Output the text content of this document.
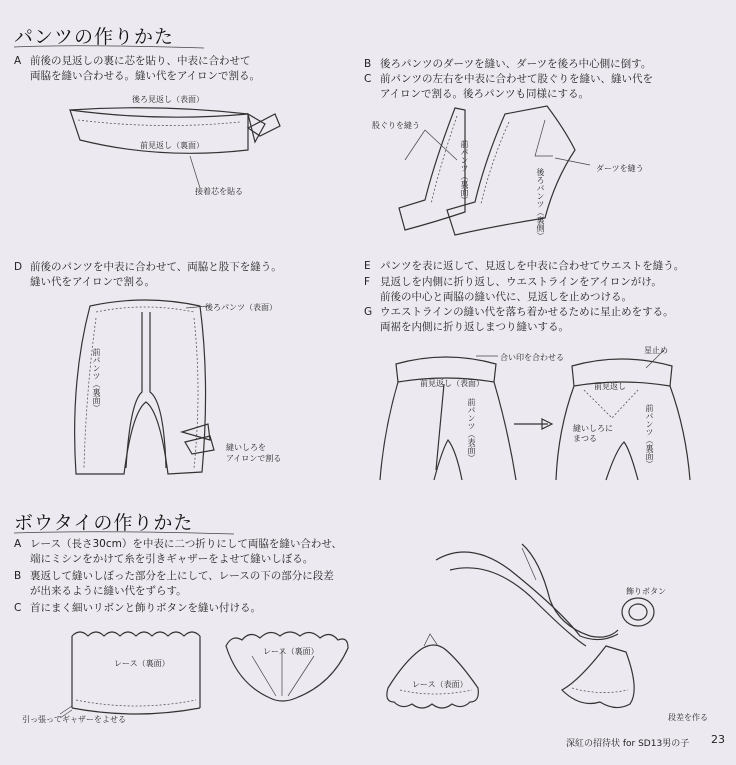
パンツの作りかた
A 前後の見返しの裏に芯を貼り、中表に合わせて
両脇を縫い合わせる。縫い代をアイロンで割る。
B 後ろパンツのダーツを縫い、ダーツを後ろ中心側に倒す。
C 前パンツの左右を中表に合わせて股ぐりを縫い、縫い代を
アイロンで割る。後ろパンツも同様にする。
後ろ見返し（表面）
前見返し（裏面）
接着芯を貼る
股ぐりを縫う
前パンツ（裏面）	後ろパンツ（裏側）	ダーツを縫う
D 前後のパンツを中表に合わせて、両脇と股下を縫う。
縫い代をアイロンで割る。
E パンツを表に返して、見返しを中表に合わせてウエストを縫う。
F 見返しを内側に折り返し、ウエストラインをアイロンがけ。
前後の中心と両脇の縫い代に、見返しを止めつける。
G ウエストラインの縫い代を落ち着かせるために星止めをする。
両裾を内側に折り返しまつり縫いする。
後ろパンツ（表面）
前パンツ（裏面）
縫いしろを
アイロンで割る
合い印を合わせる
前見返し（表面）
前パンツ（表面）
星止め
前見返し
縫いしろに
まつる	前パンツ（裏面）
ボウタイの作りかた
A レース（長さ30cm）を中表に二つ折りにして両脇を縫い合わせ、
端にミシンをかけて糸を引きギャザーをよせて縫いしぼる。
B 裏返して縫いしぼった部分を上にして、レースの下の部分に段差
が出来るように縫い代をずらす。
C 首にまく細いリボンと飾りボタンを縫い付ける。
レース（裏面）
引っ張ってギャザーをよせる
レース（裏面）
レース（表面）
飾りボタン
段差を作る
深紅の招待状 for SD13男の子 23
